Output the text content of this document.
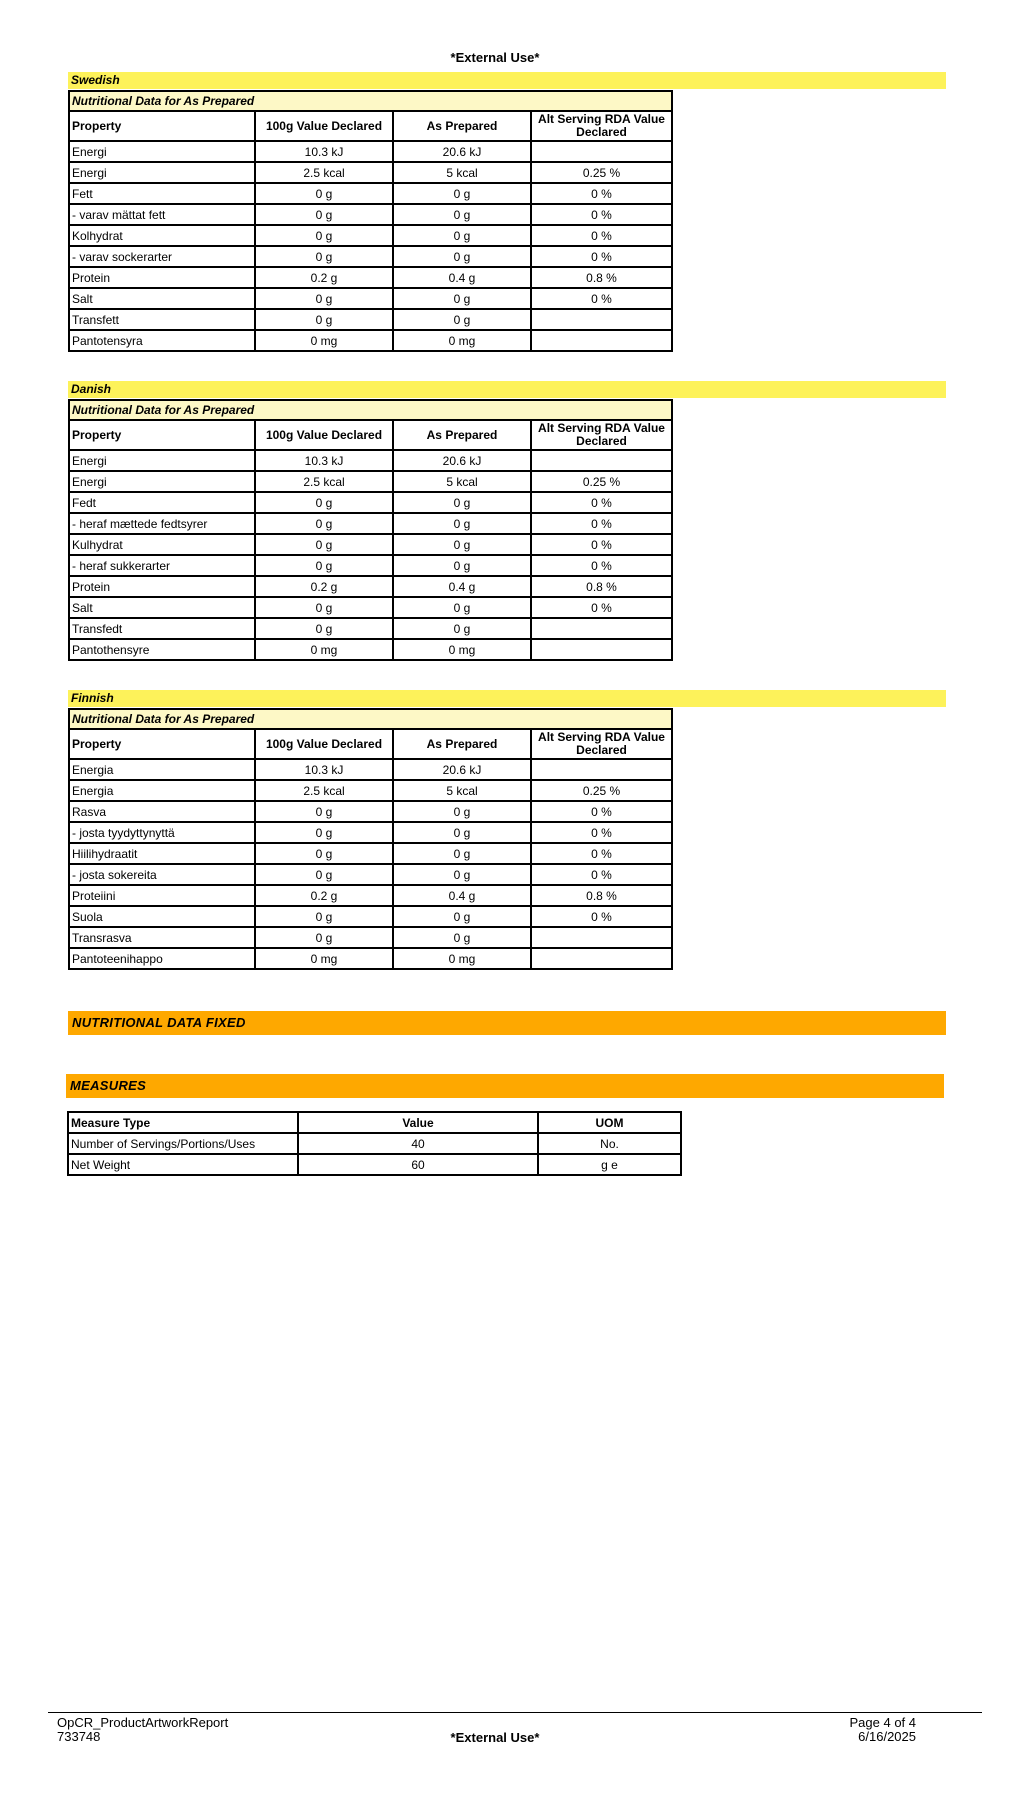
*External Use*
Swedish
Nutritional Data for As Prepared			
Property	100g Value Declared	As Prepared	Alt Serving RDA Value Declared
Energi	10.3 kJ	20.6 kJ	
Energi	2.5 kcal	5 kcal	0.25 %
Fett	0 g	0 g	0 %
- varav mättat fett	0 g	0 g	0 %
Kolhydrat	0 g	0 g	0 %
- varav sockerarter	0 g	0 g	0 %
Protein	0.2 g	0.4 g	0.8 %
Salt	0 g	0 g	0 %
Transfett	0 g	0 g	
Pantotensyra	0 mg	0 mg	
Danish
Nutritional Data for As Prepared			
Property	100g Value Declared	As Prepared	Alt Serving RDA Value Declared
Energi	10.3 kJ	20.6 kJ	
Energi	2.5 kcal	5 kcal	0.25 %
Fedt	0 g	0 g	0 %
- heraf mættede fedtsyrer	0 g	0 g	0 %
Kulhydrat	0 g	0 g	0 %
- heraf sukkerarter	0 g	0 g	0 %
Protein	0.2 g	0.4 g	0.8 %
Salt	0 g	0 g	0 %
Transfedt	0 g	0 g	
Pantothensyre	0 mg	0 mg	
Finnish
Nutritional Data for As Prepared			
Property	100g Value Declared	As Prepared	Alt Serving RDA Value Declared
Energia	10.3 kJ	20.6 kJ	
Energia	2.5 kcal	5 kcal	0.25 %
Rasva	0 g	0 g	0 %
- josta tyydyttynyttä	0 g	0 g	0 %
Hiilihydraatit	0 g	0 g	0 %
- josta sokereita	0 g	0 g	0 %
Proteiini	0.2 g	0.4 g	0.8 %
Suola	0 g	0 g	0 %
Transrasva	0 g	0 g	
Pantoteenihappo	0 mg	0 mg	
NUTRITIONAL DATA FIXED
MEASURES
Measure Type	Value	UOM
Number of Servings/Portions/Uses	40	No.
Net Weight	60	g e
OpCR_ProductArtworkReport
733748	*External Use*
Page 4 of 4
6/16/2025
